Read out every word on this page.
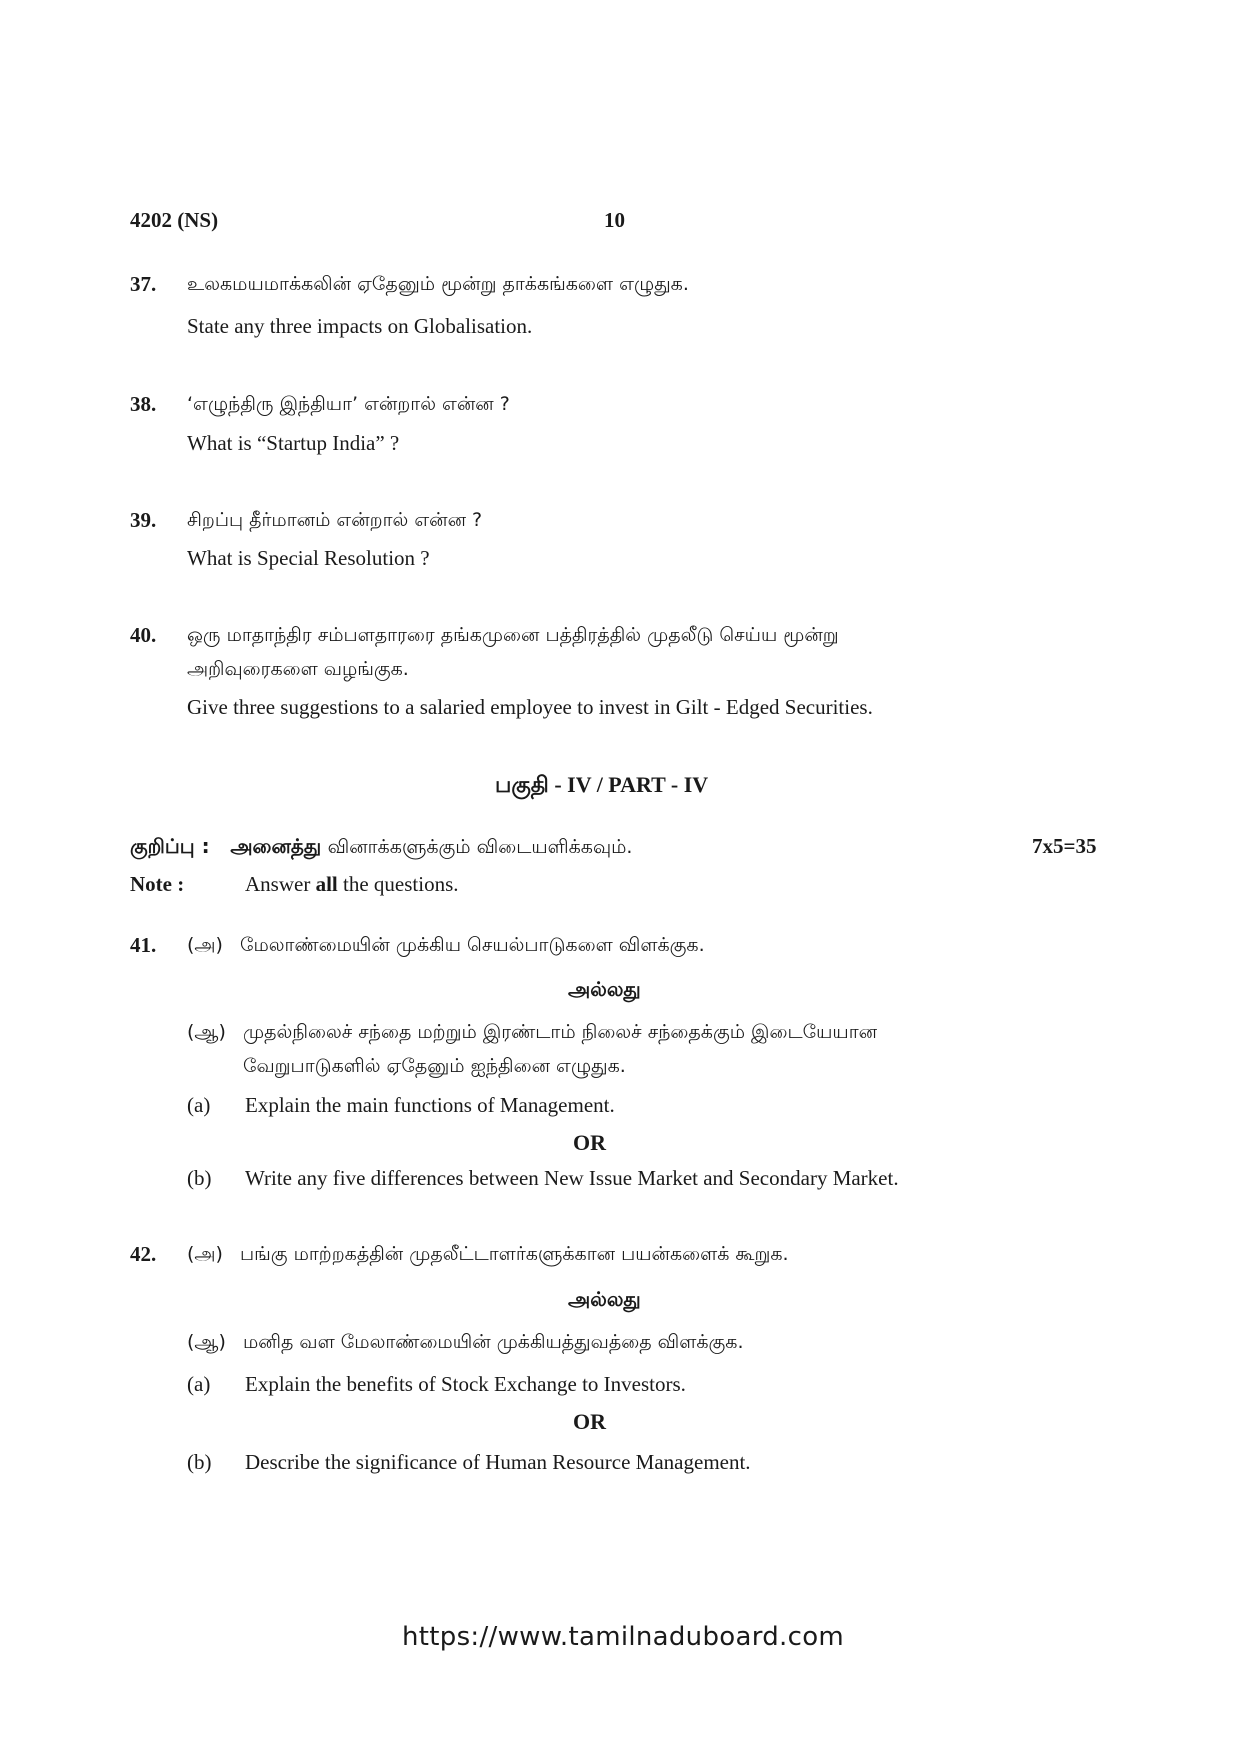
4202 (NS)	10
37. உலகமயமாக்கலின் ஏதேனும் மூன்று தாக்கங்களை எழுதுக.
State any three impacts on Globalisation.
38. ‘எழுந்திரு இந்தியா’ என்றால் என்ன ?
What is “Startup India” ?
39. சிறப்பு தீர்மானம் என்றால் என்ன ?
What is Special Resolution ?
40. ஒரு மாதாந்திர சம்பளதாரரை தங்கமுனை பத்திரத்தில் முதலீடு செய்ய மூன்று
அறிவுரைகளை வழங்குக.
Give three suggestions to a salaried employee to invest in Gilt - Edged Securities.
பகுதி - IV / PART - IV
குறிப்பு : அனைத்து வினாக்களுக்கும் விடையளிக்கவும்.	7x5=35
Note :	Answer all the questions.
41. (அ) மேலாண்மையின் முக்கிய செயல்பாடுகளை விளக்குக.
அல்லது
(ஆ) முதல்நிலைச் சந்தை மற்றும் இரண்டாம் நிலைச் சந்தைக்கும் இடையேயான
வேறுபாடுகளில் ஏதேனும் ஐந்தினை எழுதுக.
(a) Explain the main functions of Management.
OR
(b) Write any five differences between New Issue Market and Secondary Market.
42. (அ) பங்கு மாற்றகத்தின் முதலீட்டாளர்களுக்கான பயன்களைக் கூறுக.
அல்லது
(ஆ) மனித வள மேலாண்மையின் முக்கியத்துவத்தை விளக்குக.
(a) Explain the benefits of Stock Exchange to Investors.
OR
(b) Describe the significance of Human Resource Management.
https://www.tamilnaduboard.com
